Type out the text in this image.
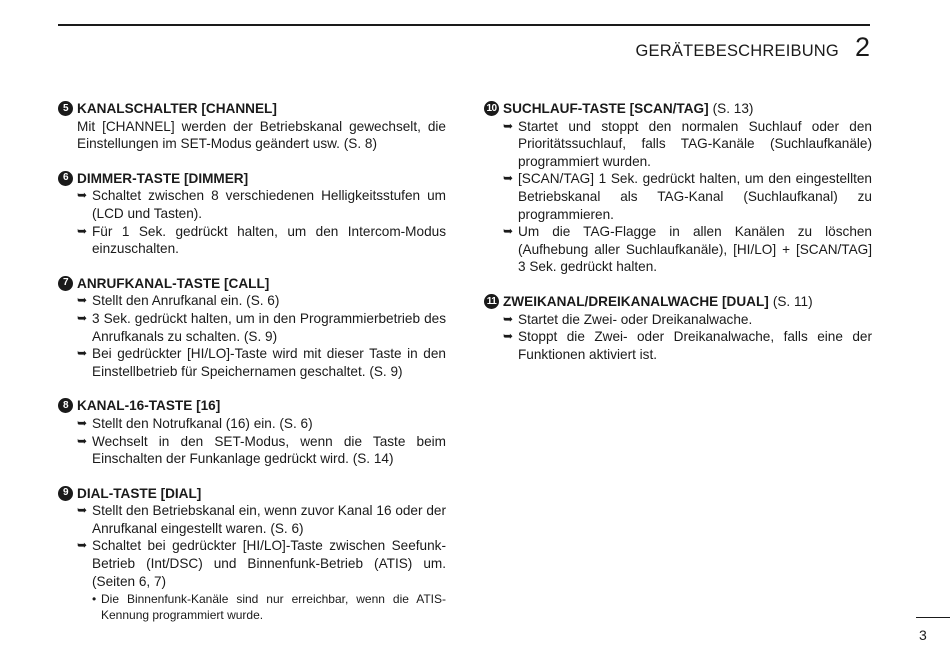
GERÄTEBESCHREIBUNG 2
5 KANALSCHALTER [CHANNEL]
Mit [CHANNEL] werden der Betriebskanal gewechselt, die Einstellungen im SET-Modus geändert usw. (S. 8)
6 DIMMER-TASTE [DIMMER]
➥ Schaltet zwischen 8 verschiedenen Helligkeitsstufen um (LCD und Tasten).
➥ Für 1 Sek. gedrückt halten, um den Intercom-Modus einzuschalten.
7 ANRUFKANAL-TASTE [CALL]
➥ Stellt den Anrufkanal ein. (S. 6)
➥ 3 Sek. gedrückt halten, um in den Programmierbetrieb des Anrufkanals zu schalten. (S. 9)
➥ Bei gedrückter [HI/LO]-Taste wird mit dieser Taste in den Einstellbetrieb für Speichernamen geschaltet. (S. 9)
8 KANAL-16-TASTE [16]
➥ Stellt den Notrufkanal (16) ein. (S. 6)
➥ Wechselt in den SET-Modus, wenn die Taste beim Einschalten der Funkanlage gedrückt wird. (S. 14)
9 DIAL-TASTE [DIAL]
➥ Stellt den Betriebskanal ein, wenn zuvor Kanal 16 oder der Anrufkanal eingestellt waren. (S. 6)
➥ Schaltet bei gedrückter [HI/LO]-Taste zwischen Seefunk-Betrieb (Int/DSC) und Binnenfunk-Betrieb (ATIS) um. (Seiten 6, 7)
• Die Binnenfunk-Kanäle sind nur erreichbar, wenn die ATIS-Kennung programmiert wurde.
10 SUCHLAUF-TASTE [SCAN/TAG] (S. 13)
➥ Startet und stoppt den normalen Suchlauf oder den Prioritätssuchlauf, falls TAG-Kanäle (Suchlaufkanäle) programmiert wurden.
➥ [SCAN/TAG] 1 Sek. gedrückt halten, um den eingestellten Betriebskanal als TAG-Kanal (Suchlaufkanal) zu programmieren.
➥ Um die TAG-Flagge in allen Kanälen zu löschen (Aufhebung aller Suchlaufkanäle), [HI/LO] + [SCAN/TAG] 3 Sek. gedrückt halten.
11 ZWEIKANAL/DREIKANALWACHE [DUAL] (S. 11)
➥ Startet die Zwei- oder Dreikanalwache.
➥ Stoppt die Zwei- oder Dreikanalwache, falls eine der Funktionen aktiviert ist.
3
